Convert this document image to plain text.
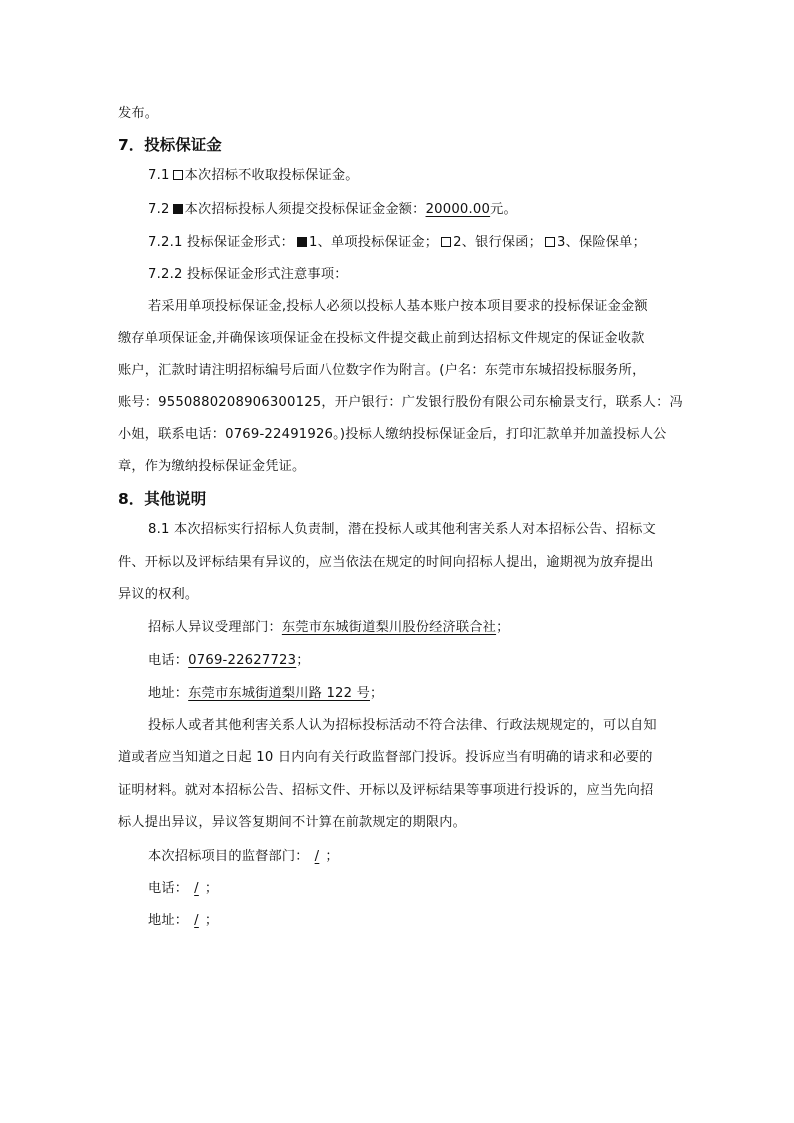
发布。
7．投标保证金
7.1 本次招标不收取投标保证金。
7.2 本次招标投标人须提交投标保证金金额：20000.00元。
7.2.1 投标保证金形式： 1、单项投标保证金； 2、银行保函； 3、保险保单；
7.2.2 投标保证金形式注意事项：
若采用单项投标保证金,投标人必须以投标人基本账户按本项目要求的投标保证金金额
缴存单项保证金,并确保该项保证金在投标文件提交截止前到达招标文件规定的保证金收款
账户，汇款时请注明招标编号后面八位数字作为附言。(户名：东莞市东城招投标服务所，
账号：9550880208906300125，开户银行：广发银行股份有限公司东榆景支行，联系人：冯
小姐，联系电话：0769-22491926。)投标人缴纳投标保证金后，打印汇款单并加盖投标人公
章，作为缴纳投标保证金凭证。
8．其他说明
8.1 本次招标实行招标人负责制，潜在投标人或其他利害关系人对本招标公告、招标文
件、开标以及评标结果有异议的，应当依法在规定的时间向招标人提出，逾期视为放弃提出
异议的权利。
招标人异议受理部门：东莞市东城街道梨川股份经济联合社；
电话：0769-22627723；
地址：东莞市东城街道梨川路 122 号；
投标人或者其他利害关系人认为招标投标活动不符合法律、行政法规规定的，可以自知
道或者应当知道之日起 10 日内向有关行政监督部门投诉。投诉应当有明确的请求和必要的
证明材料。就对本招标公告、招标文件、开标以及评标结果等事项进行投诉的，应当先向招
标人提出异议，异议答复期间不计算在前款规定的期限内。
本次招标项目的监督部门： / ；
电话： / ；
地址： / ；
